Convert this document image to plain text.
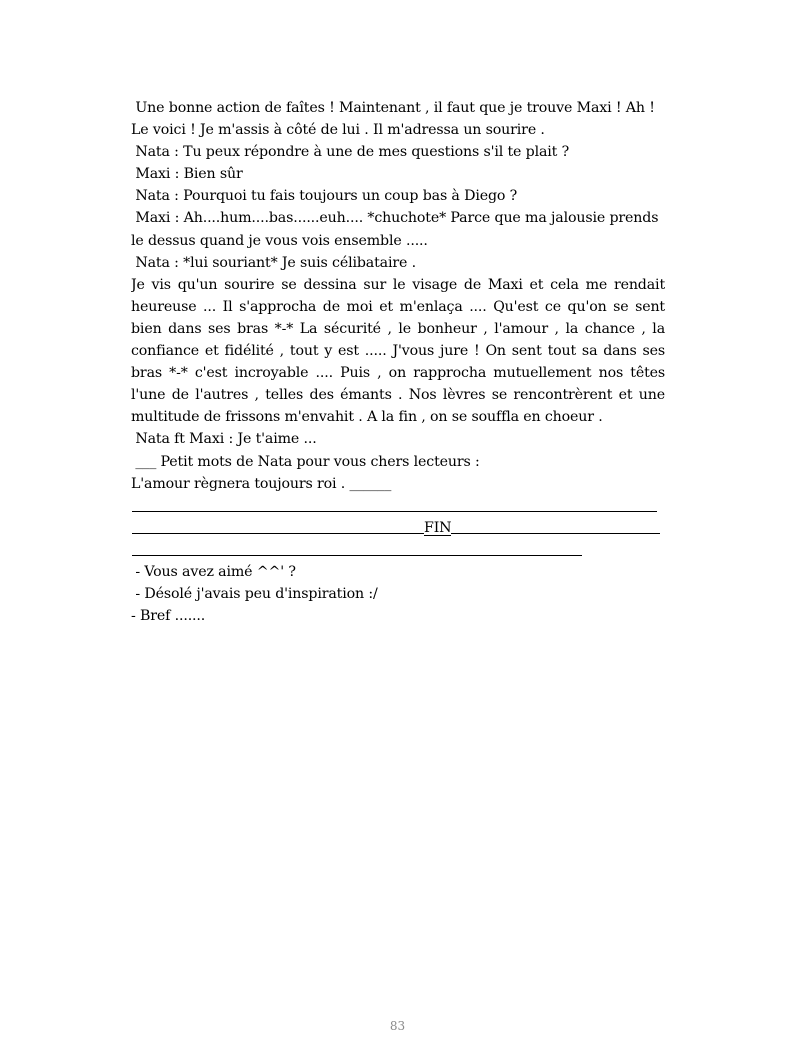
Une bonne action de faîtes ! Maintenant , il faut que je trouve Maxi ! Ah !
Le voici ! Je m'assis à côté de lui . Il m'adressa un sourire .
Nata : Tu peux répondre à une de mes questions s'il te plait ?
Maxi : Bien sûr
Nata : Pourquoi tu fais toujours un coup bas à Diego ?
Maxi : Ah....hum....bas......euh.... *chuchote* Parce que ma jalousie prends
le dessus quand je vous vois ensemble .....
Nata : *lui souriant* Je suis célibataire .
Je vis qu'un sourire se dessina sur le visage de Maxi et cela me rendait
heureuse ... Il s'approcha de moi et m'enlaça .... Qu'est ce qu'on se sent
bien dans ses bras *-* La sécurité , le bonheur , l'amour , la chance , la
confiance et fidélité , tout y est ..... J'vous jure ! On sent tout sa dans ses
bras *-* c'est incroyable .... Puis , on rapprocha mutuellement nos têtes
l'une de l'autres , telles des émants . Nos lèvres se rencontrèrent et une
multitude de frissons m'envahit . A la fin , on se souffla en choeur .
Nata ft Maxi : Je t'aime ...
___ Petit mots de Nata pour vous chers lecteurs :
L'amour règnera toujours roi . ______
FIN
- Vous avez aimé ^^' ?
- Désolé j'avais peu d'inspiration :/
- Bref .......
83
